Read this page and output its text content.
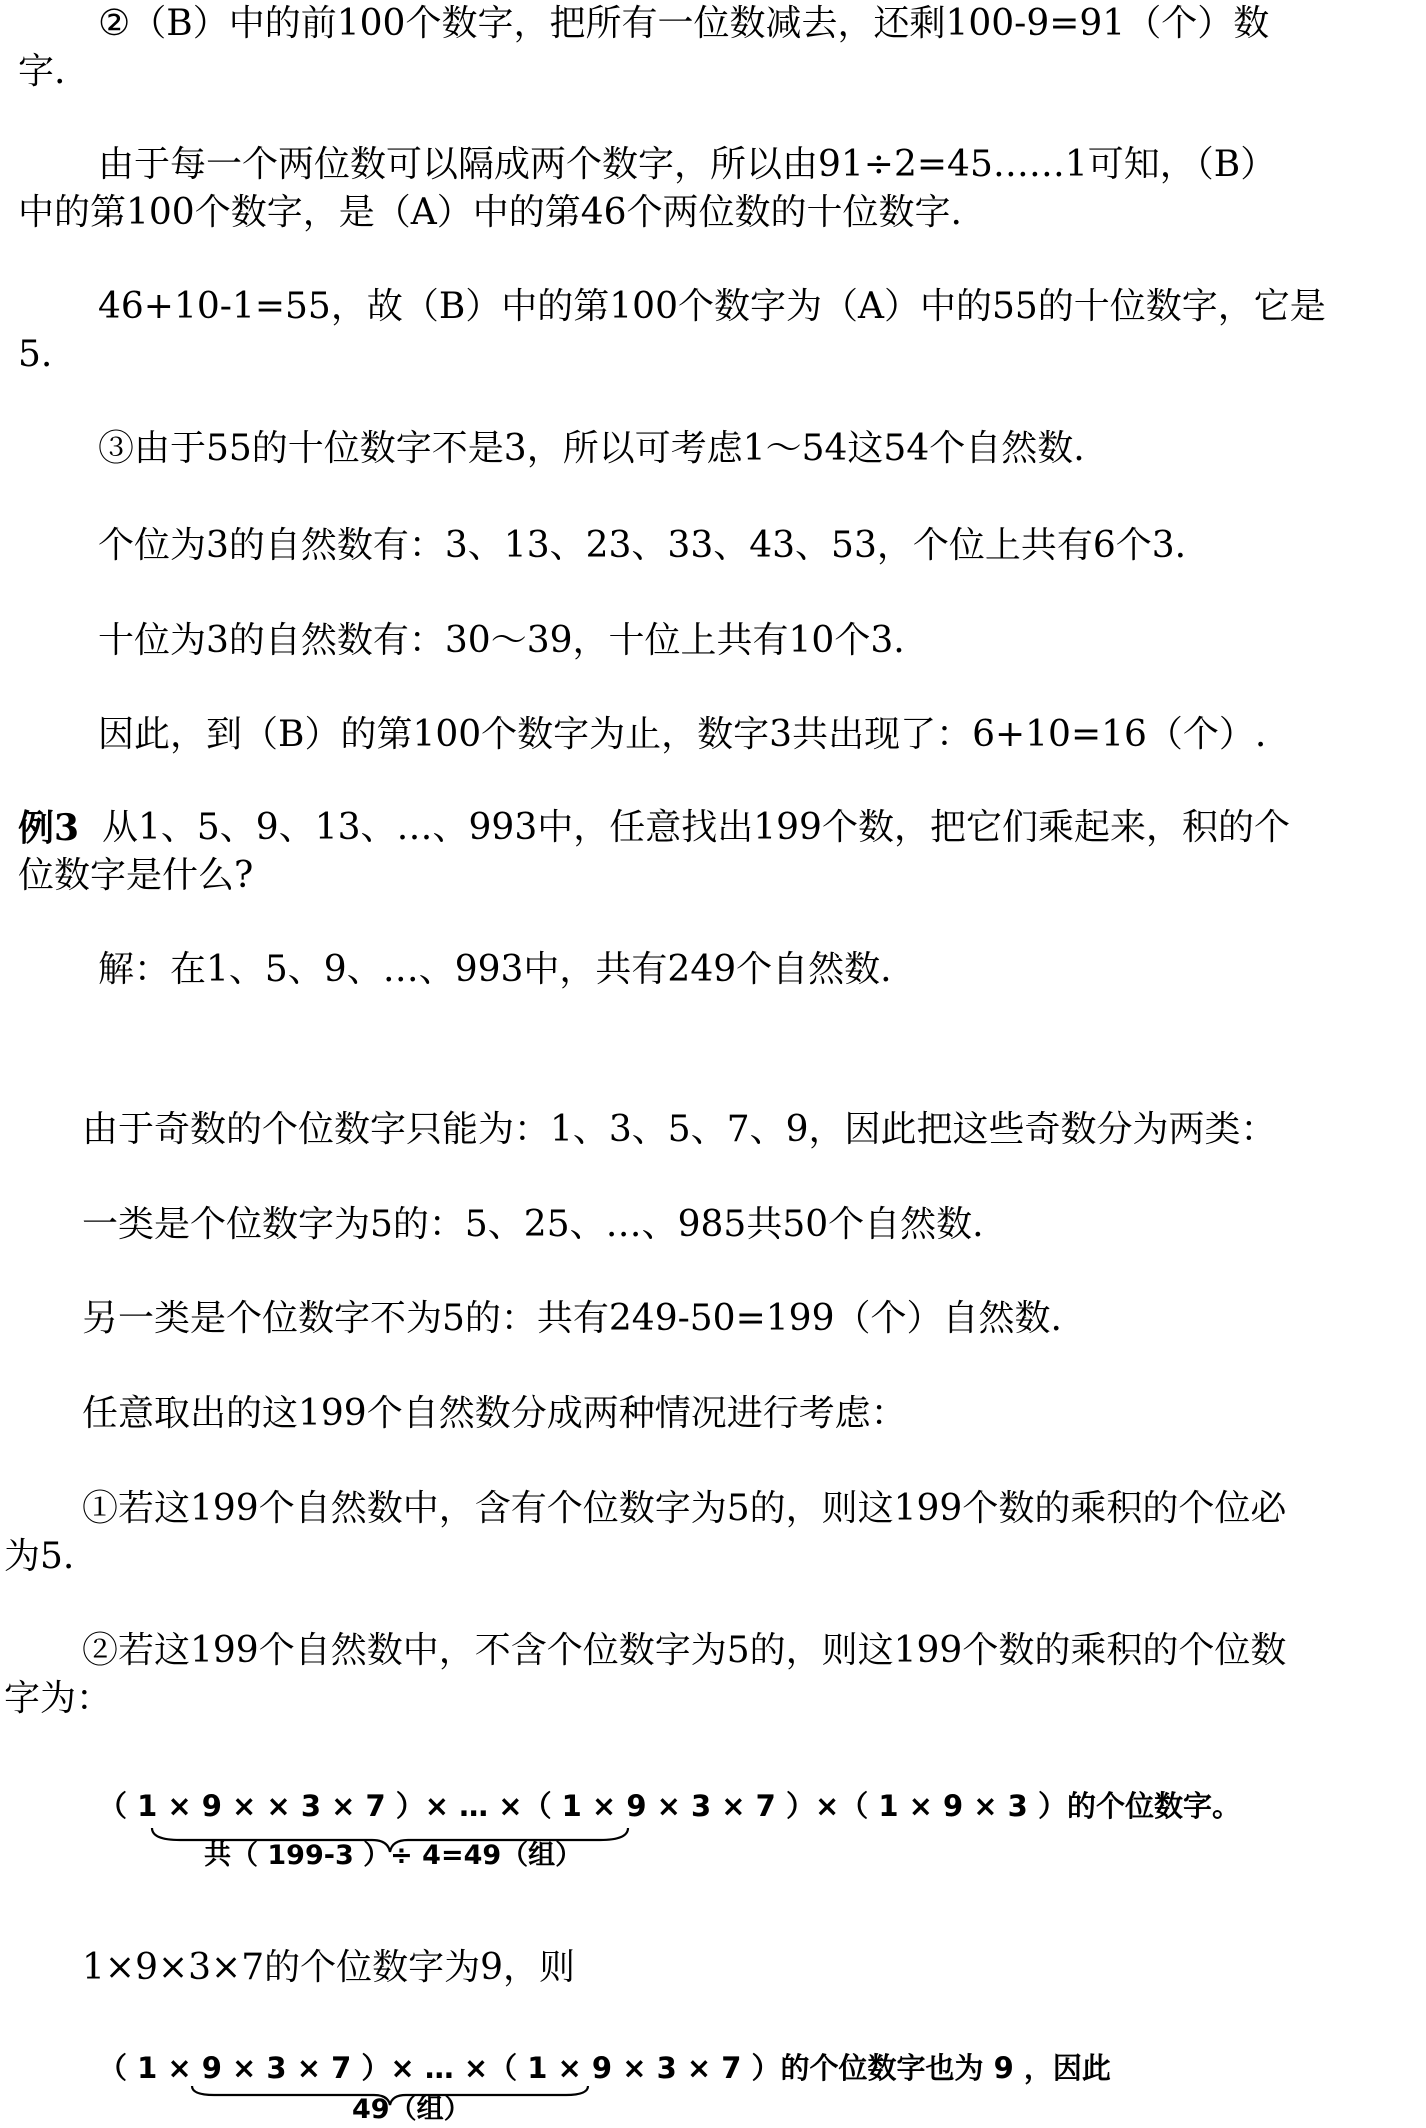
②（B）中的前100个数字，把所有一位数减去，还剩100-9=91（个）数
字.
由于每一个两位数可以隔成两个数字，所以由91÷2=45……1可知，（B）
中的第100个数字，是（A）中的第46个两位数的十位数字.
46+10-1=55，故（B）中的第100个数字为（A）中的55的十位数字，它是
5.
③由于55的十位数字不是3，所以可考虑1～54这54个自然数.
个位为3的自然数有：3、13、23、33、43、53，个位上共有6个3.
十位为3的自然数有：30～39，十位上共有10个3.
因此，到（B）的第100个数字为止，数字3共出现了：6+10=16（个）.
例3 从1、5、9、13、…、993中，任意找出199个数，把它们乘起来，积的个
位数字是什么?
解：在1、5、9、…、993中，共有249个自然数.
由于奇数的个位数字只能为：1、3、5、7、9，因此把这些奇数分为两类：
一类是个位数字为5的：5、25、…、985共50个自然数.
另一类是个位数字不为5的：共有249-50=199（个）自然数.
任意取出的这199个自然数分成两种情况进行考虑：
①若这199个自然数中，含有个位数字为5的，则这199个数的乘积的个位必
为5.
②若这199个自然数中，不含个位数字为5的，则这199个数的乘积的个位数
字为：
（ 1 × 9 × × 3 × 7 ）× … ×（ 1 × 9 × 3 × 7 ）×（ 1 × 9 × 3 ）的个位数字。
共（ 199-3 ）÷ 4=49（组）
1×9×3×7的个位数字为9，则
（ 1 × 9 × 3 × 7 ）× … ×（ 1 × 9 × 3 × 7 ）的个位数字也为 9 ，因此
49（组）
